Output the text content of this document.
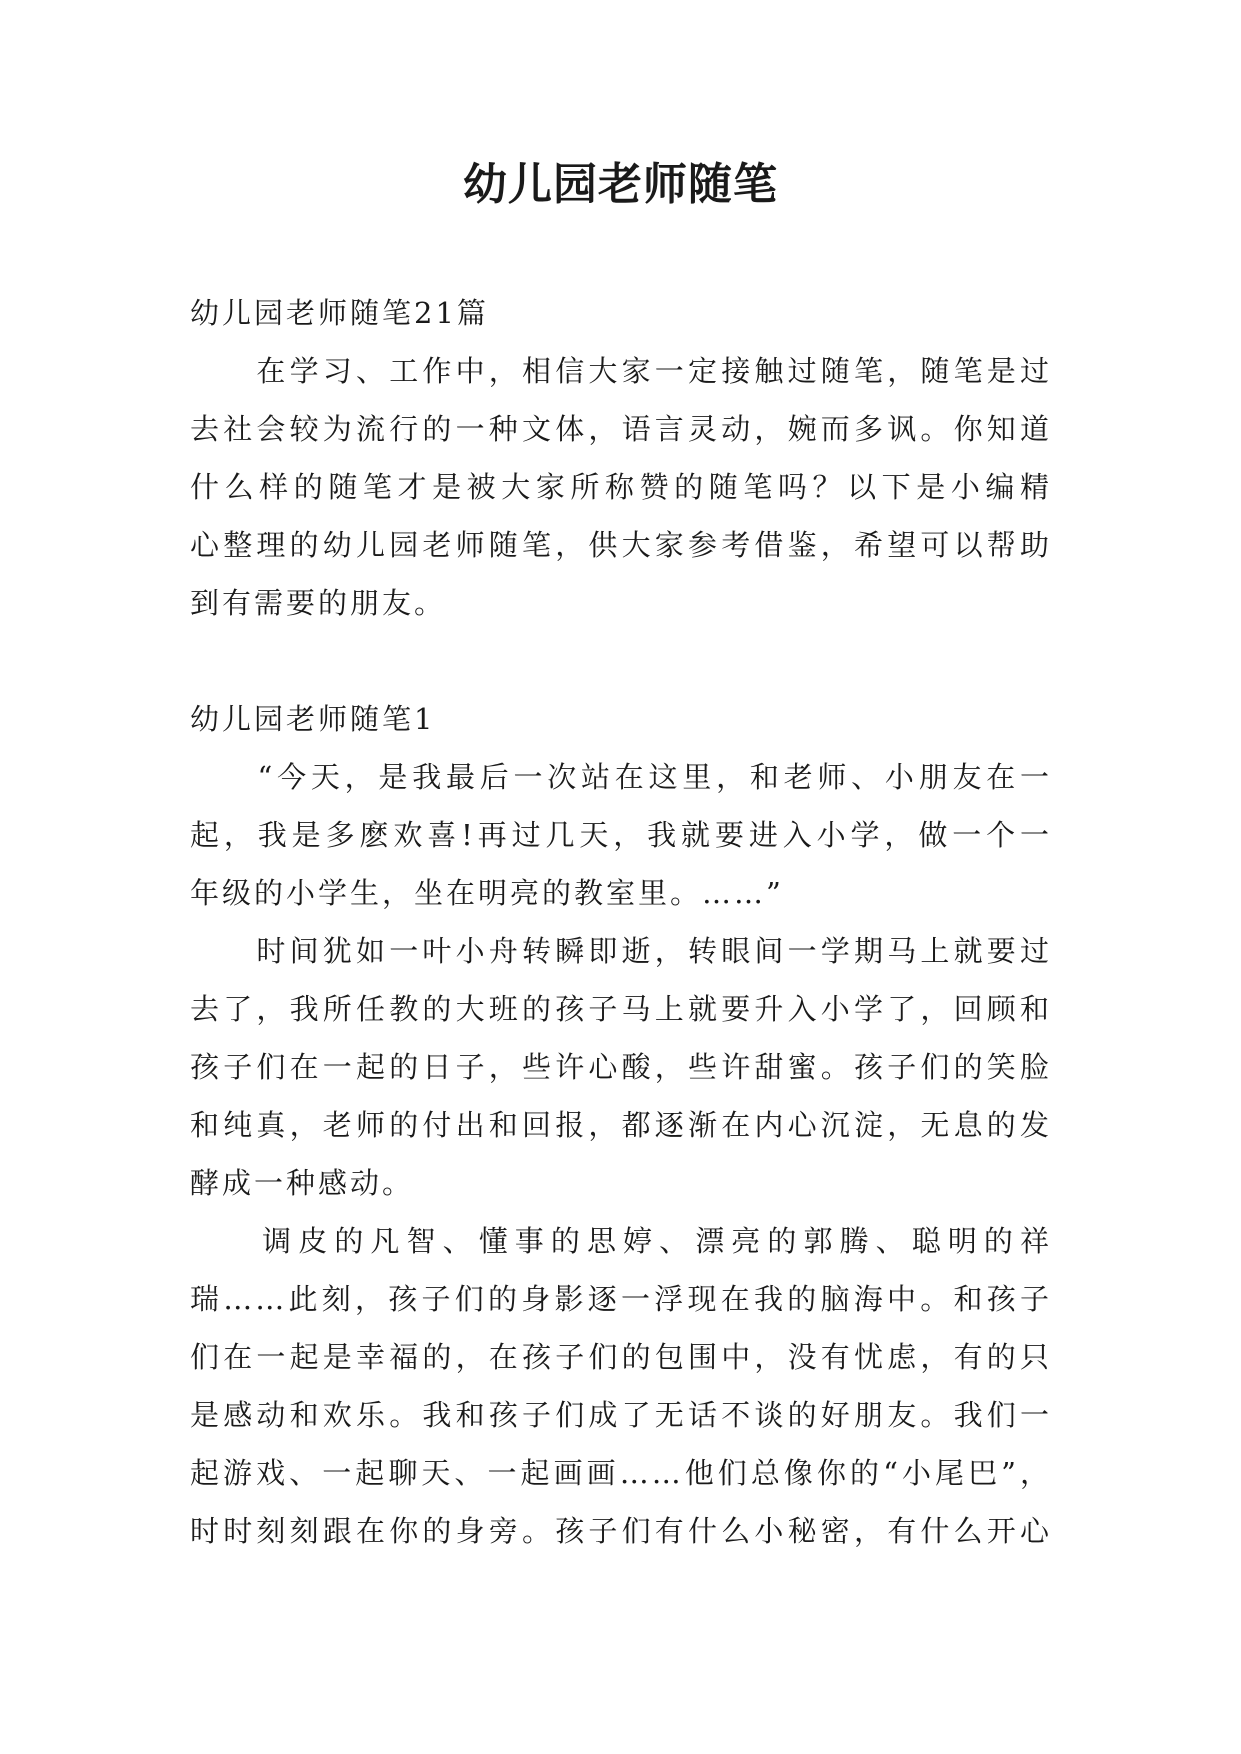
幼儿园老师随笔
幼儿园老师随笔21篇
　　在学习、工作中，相信大家一定接触过随笔，随笔是过
去社会较为流行的一种文体，语言灵动，婉而多讽。你知道
什么样的随笔才是被大家所称赞的随笔吗？以下是小编精
心整理的幼儿园老师随笔，供大家参考借鉴，希望可以帮助
到有需要的朋友。
幼儿园老师随笔1
　　“今天，是我最后一次站在这里，和老师、小朋友在一
起，我是多麽欢喜!再过几天，我就要进入小学，做一个一
年级的小学生，坐在明亮的教室里。……”
　　时间犹如一叶小舟转瞬即逝，转眼间一学期马上就要过
去了，我所任教的大班的孩子马上就要升入小学了，回顾和
孩子们在一起的日子，些许心酸，些许甜蜜。孩子们的笑脸
和纯真，老师的付出和回报，都逐渐在内心沉淀，无息的发
酵成一种感动。
　　调皮的凡智、懂事的思婷、漂亮的郭腾、聪明的祥
瑞……此刻，孩子们的身影逐一浮现在我的脑海中。和孩子
们在一起是幸福的，在孩子们的包围中，没有忧虑，有的只
是感动和欢乐。我和孩子们成了无话不谈的好朋友。我们一
起游戏、一起聊天、一起画画……他们总像你的“小尾巴”，
时时刻刻跟在你的身旁。孩子们有什么小秘密，有什么开心
